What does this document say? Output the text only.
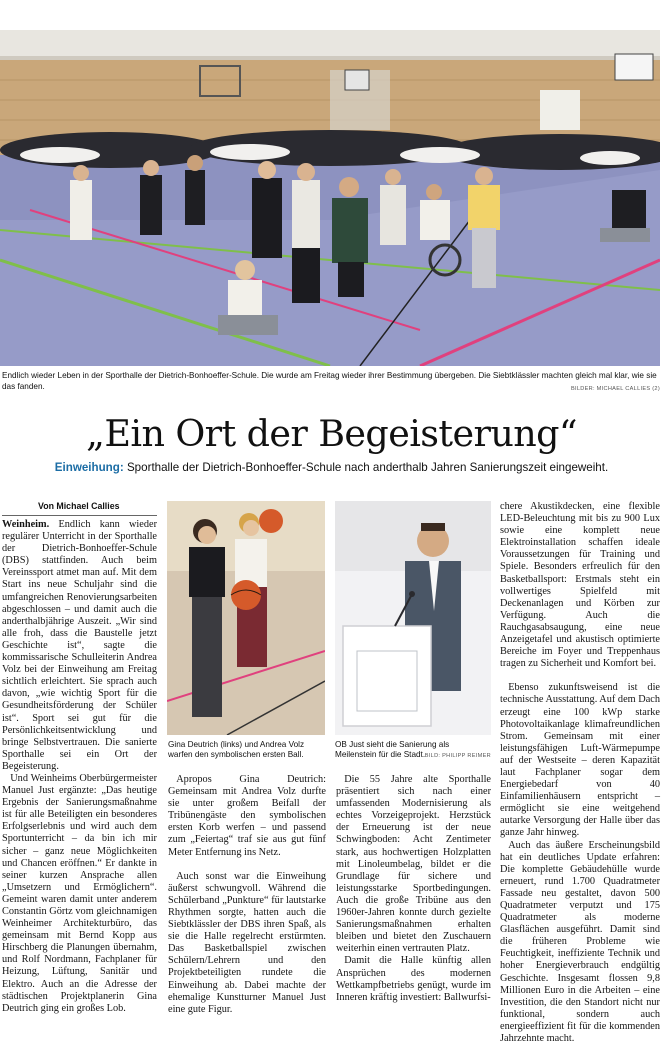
Endlich wieder Leben in der Sporthalle der Dietrich-Bonhoeffer-Schule. Die wurde am Freitag wieder ihrer Bestimmung übergeben. Die Siebtklässler machten gleich mal klar, wie sie das fanden.	BILDER: MICHAEL CALLIES (2)
„Ein Ort der Begeisterung“
Einweihung: Sporthalle der Dietrich-Bonhoeffer-Schule nach anderthalb Jahren Sanierungszeit eingeweiht.
Von Michael Callies

Weinheim. Endlich kann wieder regulärer Unterricht in der Sporthalle der Dietrich-Bonhoeffer-Schule (DBS) stattfinden. Auch beim Vereinssport atmet man auf. Mit dem Start ins neue Schuljahr sind die umfangreichen Renovierungsarbeiten abgeschlossen – und damit auch die anderthalbjährige Auszeit. „Wir sind alle froh, dass die Baustelle jetzt Geschichte ist“, sagte die kommissarische Schulleiterin Andrea Volz bei der Einweihung am Freitag sichtlich erleichtert. Sie sprach auch davon, „wie wichtig Sport für die Gesundheitsförderung der Schüler ist“. Sport sei gut für die Persönlichkeitsentwicklung und bringe Selbstvertrauen. Die sanierte Sporthalle sei ein Ort der Begeisterung.

Und Weinheims Oberbürgermeister Manuel Just ergänzte: „Das heutige Ergebnis der Sanierungsmaßnahme ist für alle Beteiligten ein besonderes Erfolgserlebnis und wird auch dem Sportunterricht – da bin ich mir sicher – ganz neue Möglichkeiten und Chancen eröffnen.“ Er dankte in seiner kurzen Ansprache allen „Umsetzern und Ermöglichern“. Gemeint waren damit unter anderem Constantin Görtz vom gleichnamigen Weinheimer Architekturbüro, das gemeinsam mit Bernd Kopp aus Hirschberg die Planungen übernahm, und Rolf Nordmann, Fachplaner für Heizung, Lüftung, Sanitär und Elektro. Auch an die Adresse der städtischen Projektplanerin Gina Deutrich ging ein großes Lob.

Gina Deutrich (links) und Andrea Volz warfen den symbolischen ersten Ball.
OB Just sieht die Sanierung als Meilenstein für die Stadt. BILD: PHILIPP REIMER

Apropos Gina Deutrich: Gemeinsam mit Andrea Volz durfte sie unter großem Beifall der Tribünengäste den symbolischen ersten Korb werfen – und passend zum „Feiertag“ traf sie aus gut fünf Meter Entfernung ins Netz.

Auch sonst war die Einweihung äußerst schwungvoll. Während die Schülerband „Punkture“ für lautstarke Rhythmen sorgte, hatten auch die Siebtklässler der DBS ihren Spaß, als sie die Halle regelrecht erstürmten. Das Basketballspiel zwischen Schülern/Lehrern und den Projektbeteiligten rundete die Einweihung ab. Dabei machte der ehemalige Kunstturner Manuel Just eine gute Figur.

Die 55 Jahre alte Sporthalle präsentiert sich nach einer umfassenden Modernisierung als echtes Vorzeigeprojekt. Herzstück der Erneuerung ist der neue Schwingboden: Acht Zentimeter stark, aus hochwertigen Holzplatten mit Linoleumbelag, bildet er die Grundlage für sichere und leistungsstarke Sportbedingungen. Auch die große Tribüne aus den 1960er-Jahren konnte durch gezielte Sanierungsmaßnahmen erhalten bleiben und bietet den Zuschauern weiterhin einen vertrauten Platz.

Damit die Halle künftig allen Ansprüchen des modernen Wettkampfbetriebs genügt, wurde im Inneren kräftig investiert: Ballwurfsi-

chere Akustikdecken, eine flexible LED-Beleuchtung mit bis zu 900 Lux sowie eine komplett neue Elektroinstallation schaffen ideale Voraussetzungen für Training und Spiele. Besonders erfreulich für den Basketballsport: Erstmals steht ein vollwertiges Spielfeld mit Deckenanlagen und Körben zur Verfügung. Auch die Rauchgasabsaugung, eine neue Anzeigetafel und akustisch optimierte Bereiche im Foyer und Treppenhaus tragen zu Sicherheit und Komfort bei.

Ebenso zukunftsweisend ist die technische Ausstattung. Auf dem Dach erzeugt eine 100 kWp starke Photovoltaikanlage klimafreundlichen Strom. Gemeinsam mit einer leistungsfähigen Luft-Wärmepumpe auf der Westseite – deren Kapazität laut Fachplaner sogar dem Energiebedarf von 40 Einfamilienhäusern entspricht – ermöglicht sie eine weitgehend autarke Versorgung der Halle über das ganze Jahr hinweg.

Auch das äußere Erscheinungsbild hat ein deutliches Update erfahren: Die komplette Gebäudehülle wurde erneuert, rund 1.700 Quadratmeter Fassade neu gestaltet, davon 500 Quadratmeter verputzt und 175 Quadratmeter als moderne Glasflächen ausgeführt. Damit sind die früheren Probleme wie Feuchtigkeit, ineffiziente Technik und hoher Energieverbrauch endgültig Geschichte. Insgesamt flossen 9,8 Millionen Euro in die Arbeiten – eine Investition, die den Standort nicht nur funktional, sondern auch energieeffizient fit für die kommenden Jahrzehnte macht.
